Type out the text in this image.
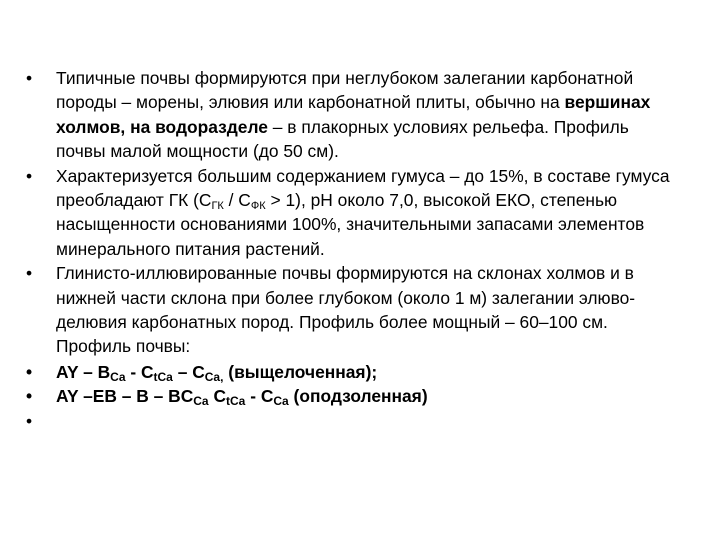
•	Типичные почвы формируются при неглубоком залегании карбонатной породы – морены, элювия или карбонатной плиты, обычно на вершинах холмов, на водоразделе – в плакорных условиях рельефа. Профиль почвы малой мощности (до 50 см).
•	Характеризуется большим содержанием гумуса – до 15%, в составе гумуса преобладают ГК $(С_{ГК} / С_{ФК} > 1)$, рН около 7,0, высокой ЕКО, степенью насыщенности основаниями 100%, значительными запасами элементов минерального питания растений.
•	Глинисто-иллювированные почвы формируются на склонах холмов и в нижней части склона при более глубоком (около 1 м) залегании элюво-делювия карбонатных пород. Профиль более мощный – 60–100 см. Профиль почвы:
•	AY – $B_{Ca} - C_{tCa} - C_{Ca,}$ (выщелоченная);
•	AY –EB – B – $BC_{Ca}$ $C_{tCa} - C_{Ca}$ (оподзоленная)
•
